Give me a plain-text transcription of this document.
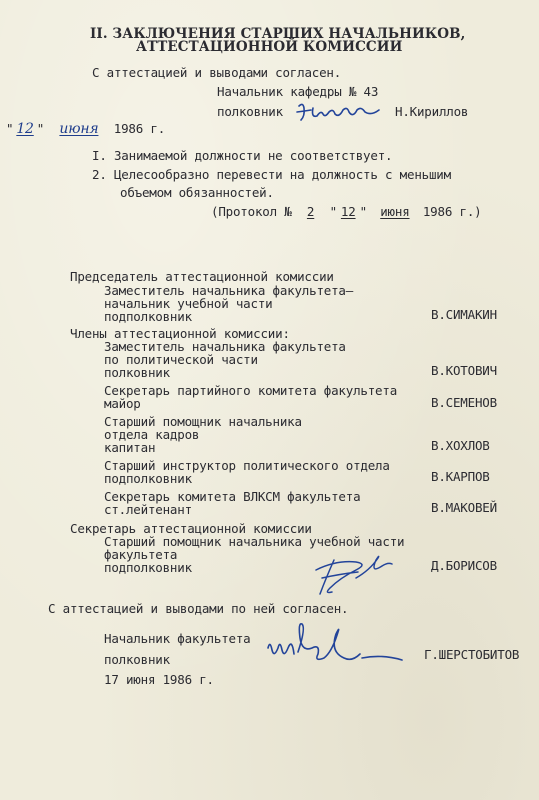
II. ЗАКЛЮЧЕНИЯ СТАРШИХ НАЧАЛЬНИКОВ,
АТТЕСТАЦИОННОЙ КОМИССИИ
С аттестацией и выводами согласен.
Начальник кафедры № 43
полковник	Н.Кириллов
" 12 " июня 1986 г.
I. Занимаемой должности не соответствует.
2. Целесообразно перевести на должность с меньшим
объемом обязанностей.
(Протокол № 2 " 12 " июня 1986 г.)
Председатель аттестационной комиссии
Заместитель начальника факультета–
начальник учебной части
подполковник	В.СИМАКИН
Члены аттестационной комиссии:
Заместитель начальника факультета
по политической части
полковник	В.КОТОВИЧ
Секретарь партийного комитета факультета
майор	В.СЕМЕНОВ
Старший помощник начальника
отдела кадров
капитан	В.ХОХЛОВ
Старший инструктор политического отдела
подполковник	В.КАРПОВ
Секретарь комитета ВЛКСМ факультета
ст.лейтенант	В.МАКОВЕЙ
Секретарь аттестационной комиссии
Старший помощник начальника учебной части
факультета
подполковник	Д.БОРИСОВ
С аттестацией и выводами по ней согласен.
Начальник факультета
полковник	Г.ШЕРСТОБИТОВ
17 июня 1986 г.
